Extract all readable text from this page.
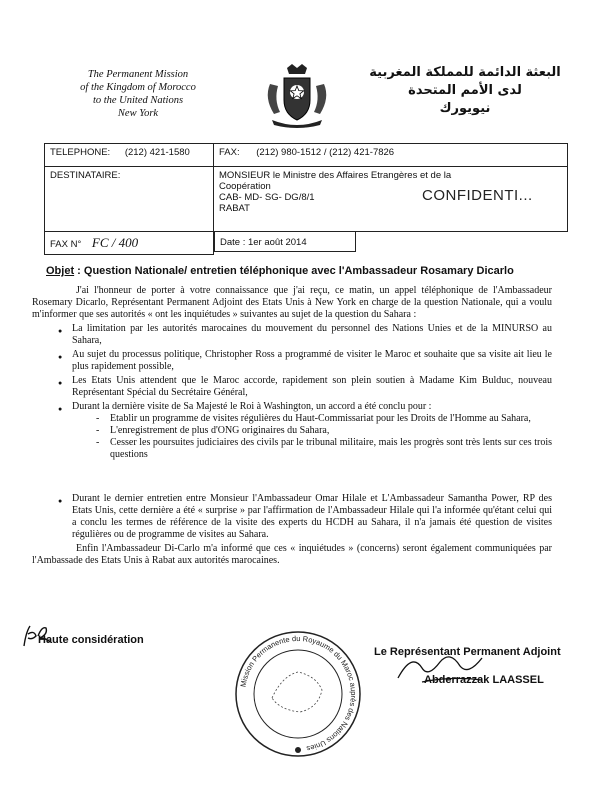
The Permanent Mission
of the Kingdom of Morocco
to the United Nations
New York
البعثة الدائمة للمملكة المغربية
لدى الأمم المتحدة
نيويورك
TELEPHONE: (212) 421-1580	FAX: (212) 980-1512 / (212) 421-7826
DESTINATAIRE:	MONSIEUR le Ministre des Affaires Etrangères et de la
Coopération
CAB- MD- SG- DG/8/1
RABAT

FAX N° FC / 400	Date : 1er août 2014
CONFIDENTI...
Objet : Question Nationale/ entretien téléphonique avec l'Ambassadeur Rosamary Dicarlo

J'ai l'honneur de porter à votre connaissance que j'ai reçu, ce matin, un appel téléphonique de l'Ambassadeur Rosemary Dicarlo, Représentant Permanent Adjoint des Etats Unis à New York en charge de la question Nationale, qui a voulu m'informer que ses autorités « ont les inquiétudes » suivantes au sujet de la question du Sahara :

● La limitation par les autorités marocaines du mouvement du personnel des Nations Unies et de la MINURSO au Sahara,
● Au sujet du processus politique, Christopher Ross a programmé de visiter le Maroc et souhaite que sa visite ait lieu le plus rapidement possible,
● Les Etats Unis attendent que le Maroc accorde, rapidement son plein soutien à Madame Kim Bulduc, nouveau Représentant Spécial du Secrétaire Général,
● Durant la dernière visite de Sa Majesté le Roi à Washington, un accord a été conclu pour :
- Etablir un programme de visites régulières du Haut-Commissariat pour les Droits de l'Homme au Sahara,
- L'enregistrement de plus d'ONG originaires du Sahara,
- Cesser les poursuites judiciaires des civils par le tribunal militaire, mais les progrès sont très lents sur ces trois questions
● Durant le dernier entretien entre Monsieur l'Ambassadeur Omar Hilale et L'Ambassadeur Samantha Power, RP des Etats Unis, cette dernière a été « surprise » par l'affirmation de l'Ambassadeur Hilale qui l'a informée qu'étant celui qui a conclu les termes de référence de la visite des experts du HCDH au Sahara, il n'a jamais été question de visites régulières ou de programme de visites au Sahara.

Enfin l'Ambassadeur Di-Carlo m'a informé que ces « inquiétudes » (concerns) seront également communiquées par l'Ambassade des Etats Unis à Rabat aux autorités marocaines.

Haute considération
Mission Permanente du Royaume du Maroc auprès des Nations Unies
Le Représentant Permanent Adjoint
Abderrazzak LAASSEL
